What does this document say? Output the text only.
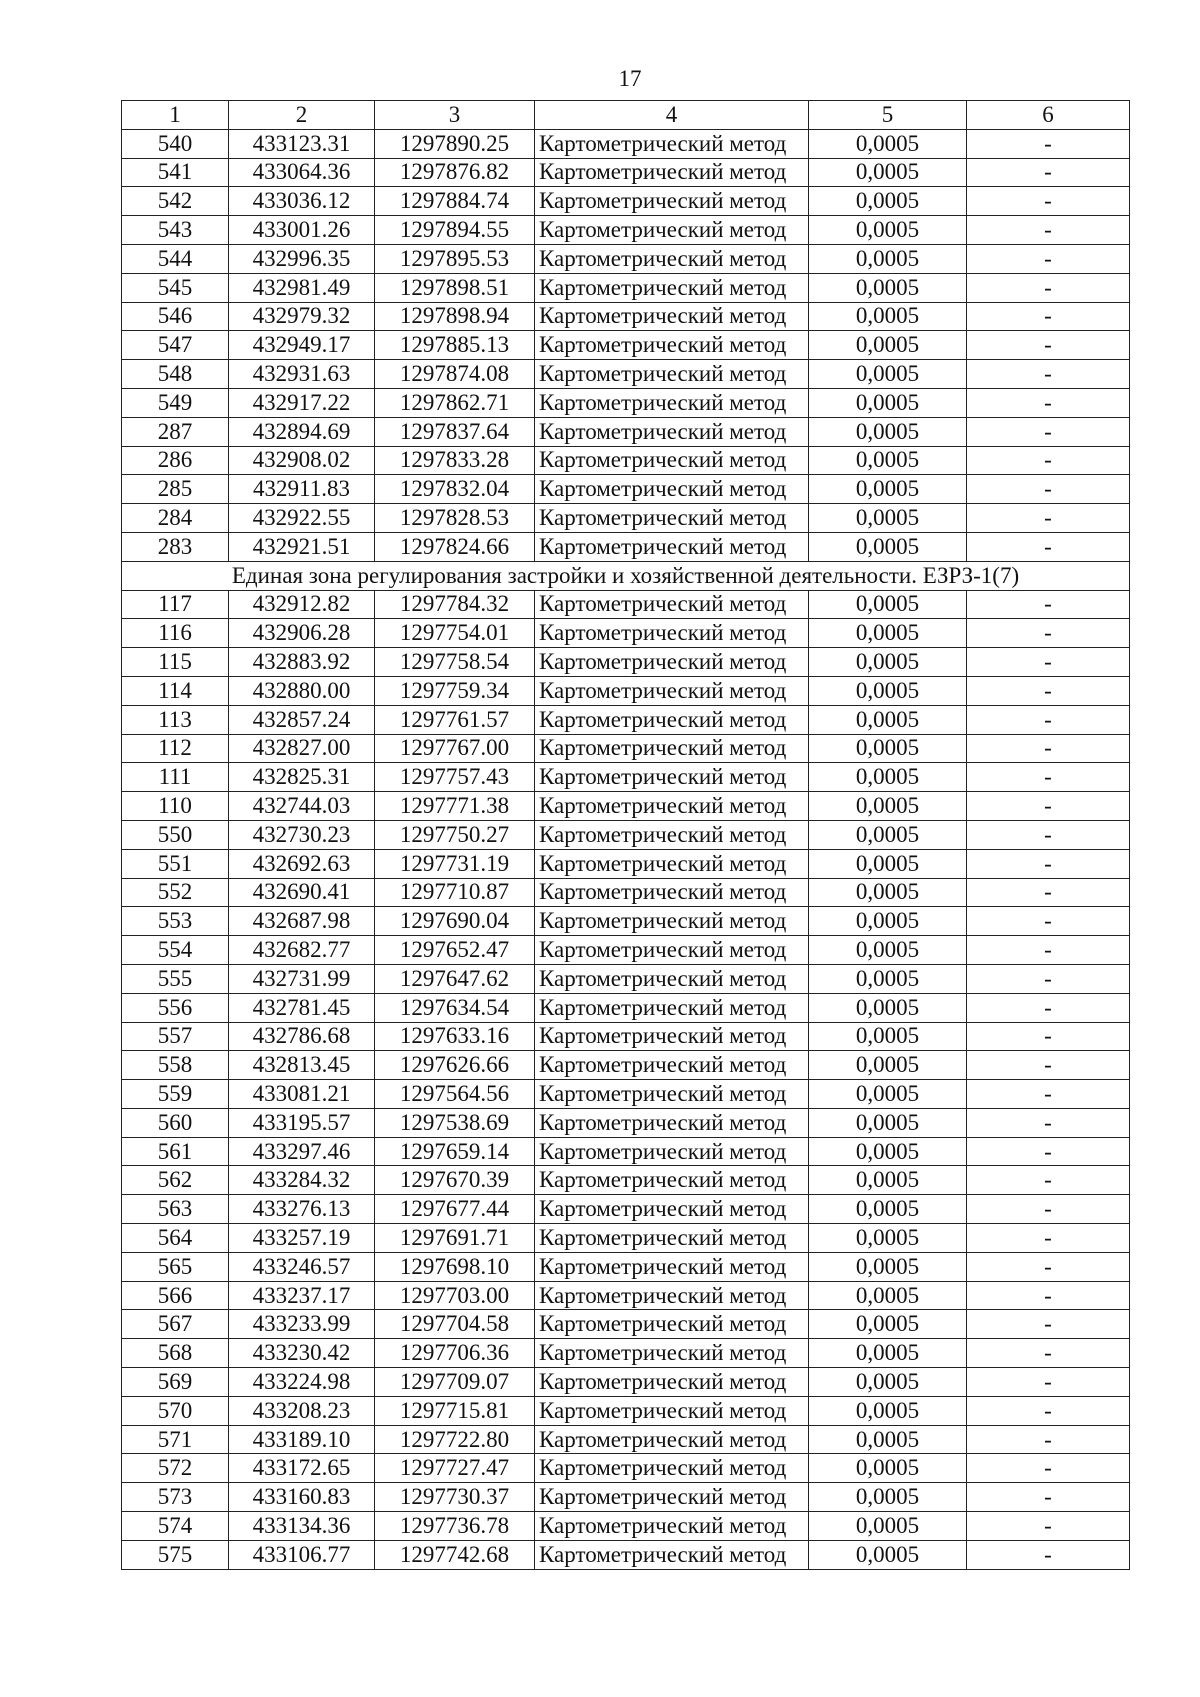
17
1	2	3	4	5	6
540	433123.31	1297890.25	Картометрический метод	0,0005	-
541	433064.36	1297876.82	Картометрический метод	0,0005	-
542	433036.12	1297884.74	Картометрический метод	0,0005	-
543	433001.26	1297894.55	Картометрический метод	0,0005	-
544	432996.35	1297895.53	Картометрический метод	0,0005	-
545	432981.49	1297898.51	Картометрический метод	0,0005	-
546	432979.32	1297898.94	Картометрический метод	0,0005	-
547	432949.17	1297885.13	Картометрический метод	0,0005	-
548	432931.63	1297874.08	Картометрический метод	0,0005	-
549	432917.22	1297862.71	Картометрический метод	0,0005	-
287	432894.69	1297837.64	Картометрический метод	0,0005	-
286	432908.02	1297833.28	Картометрический метод	0,0005	-
285	432911.83	1297832.04	Картометрический метод	0,0005	-
284	432922.55	1297828.53	Картометрический метод	0,0005	-
283	432921.51	1297824.66	Картометрический метод	0,0005	-
Единая зона регулирования застройки и хозяйственной деятельности. ЕЗРЗ-1(7)					
117	432912.82	1297784.32	Картометрический метод	0,0005	-
116	432906.28	1297754.01	Картометрический метод	0,0005	-
115	432883.92	1297758.54	Картометрический метод	0,0005	-
114	432880.00	1297759.34	Картометрический метод	0,0005	-
113	432857.24	1297761.57	Картометрический метод	0,0005	-
112	432827.00	1297767.00	Картометрический метод	0,0005	-
111	432825.31	1297757.43	Картометрический метод	0,0005	-
110	432744.03	1297771.38	Картометрический метод	0,0005	-
550	432730.23	1297750.27	Картометрический метод	0,0005	-
551	432692.63	1297731.19	Картометрический метод	0,0005	-
552	432690.41	1297710.87	Картометрический метод	0,0005	-
553	432687.98	1297690.04	Картометрический метод	0,0005	-
554	432682.77	1297652.47	Картометрический метод	0,0005	-
555	432731.99	1297647.62	Картометрический метод	0,0005	-
556	432781.45	1297634.54	Картометрический метод	0,0005	-
557	432786.68	1297633.16	Картометрический метод	0,0005	-
558	432813.45	1297626.66	Картометрический метод	0,0005	-
559	433081.21	1297564.56	Картометрический метод	0,0005	-
560	433195.57	1297538.69	Картометрический метод	0,0005	-
561	433297.46	1297659.14	Картометрический метод	0,0005	-
562	433284.32	1297670.39	Картометрический метод	0,0005	-
563	433276.13	1297677.44	Картометрический метод	0,0005	-
564	433257.19	1297691.71	Картометрический метод	0,0005	-
565	433246.57	1297698.10	Картометрический метод	0,0005	-
566	433237.17	1297703.00	Картометрический метод	0,0005	-
567	433233.99	1297704.58	Картометрический метод	0,0005	-
568	433230.42	1297706.36	Картометрический метод	0,0005	-
569	433224.98	1297709.07	Картометрический метод	0,0005	-
570	433208.23	1297715.81	Картометрический метод	0,0005	-
571	433189.10	1297722.80	Картометрический метод	0,0005	-
572	433172.65	1297727.47	Картометрический метод	0,0005	-
573	433160.83	1297730.37	Картометрический метод	0,0005	-
574	433134.36	1297736.78	Картометрический метод	0,0005	-
575	433106.77	1297742.68	Картометрический метод	0,0005	-
